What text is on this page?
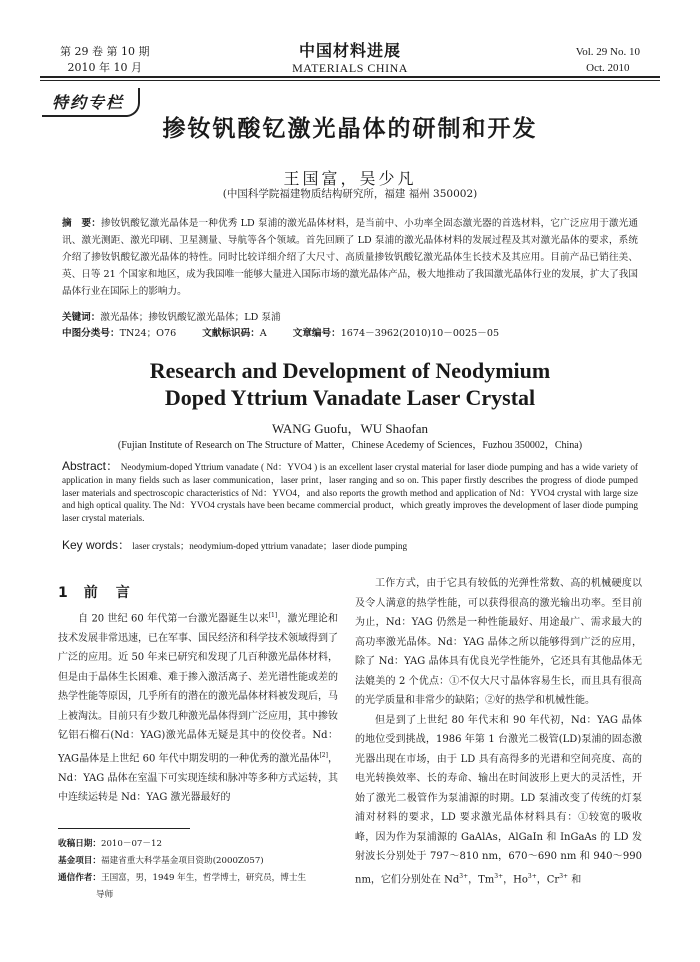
第 29 卷 第 10 期
2010 年 10 月
中国材料进展
MATERIALS CHINA
Vol. 29 No. 10
Oct. 2010
特约专栏
掺钕钒酸钇激光晶体的研制和开发
王国富，吴少凡
(中国科学院福建物质结构研究所，福建 福州 350002)
摘　要：掺钕钒酸钇激光晶体是一种优秀 LD 泵浦的激光晶体材料，是当前中、小功率全固态激光器的首选材料，它广泛应用于激光通讯、激光测距、激光印刷、卫星测量、导航等各个领域。首先回顾了 LD 泵浦的激光晶体材料的发展过程及其对激光晶体的要求，系统介绍了掺钕钒酸钇激光晶体的特性。同时比较详细介绍了大尺寸、高质量掺钕钒酸钇激光晶体生长技术及其应用。目前产品已销往美、英、日等 21 个国家和地区，成为我国唯一能够大量进入国际市场的激光晶体产品，极大地推动了我国激光晶体行业的发展，扩大了我国晶体行业在国际上的影响力。
关键词：激光晶体；掺钕钒酸钇激光晶体；LD 泵浦
中图分类号：TN24；O76	文献标识码：A	文章编号：1674－3962(2010)10－0025－05
Research and Development of Neodymium
Doped Yttrium Vanadate Laser Crystal
WANG Guofu，WU Shaofan
(Fujian Institute of Research on The Structure of Matter，Chinese Acedemy of Sciences，Fuzhou 350002，China)
Abstract： Neodymium-doped Yttrium vanadate ( Nd：YVO4 ) is an excellent laser crystal material for laser diode pumping and has a wide variety of application in many fields such as laser communication，laser print，laser ranging and so on. This paper firstly describes the progress of diode pumped laser materials and spectroscopic characteristics of Nd：YVO4，and also reports the growth method and application of Nd：YVO4 crystal with large size and high optical quality. The Nd：YVO4 crystals have been became commercial product，which greatly improves the development of laser diode pumping laser crystal materials.
Key words： laser crystals；neodymium-doped yttrium vanadate；laser diode pumping
1 前　言

自 20 世纪 60 年代第一台激光器诞生以来[1]，激光理论和技术发展非常迅速，已在军事、国民经济和科学技术领域得到了广泛的应用。近 50 年来已研究和发现了几百种激光晶体材料，但是由于晶体生长困难、难于掺入激活离子、差光谱性能或差的热学性能等原因，几乎所有的潜在的激光晶体材料被发现后，马上被淘汰。目前只有少数几种激光晶体得到广泛应用，其中掺钕钇铝石榴石(Nd：YAG)激光晶体无疑是其中的佼佼者。Nd：YAG晶体是上世纪 60 年代中期发明的一种优秀的激光晶体[2]，Nd：YAG 晶体在室温下可实现连续和脉冲等多种方式运转，其中连续运转是 Nd：YAG 激光器最好的

工作方式，由于它具有较低的光弹性常数、高的机械硬度以及令人满意的热学性能，可以获得很高的激光输出功率。至目前为止，Nd：YAG 仍然是一种性能最好、用途最广、需求最大的高功率激光晶体。Nd：YAG 晶体之所以能够得到广泛的应用，除了 Nd：YAG 晶体具有优良光学性能外，它还具有其他晶体无法媲美的 2 个优点：①不仅大尺寸晶体容易生长，而且具有很高的光学质量和非常少的缺陷；②好的热学和机械性能。

但是到了上世纪 80 年代末和 90 年代初，Nd：YAG 晶体的地位受到挑战，1986 年第 1 台激光二极管(LD)泵浦的固态激光器出现在市场，由于 LD 具有高得多的光谱和空间亮度、高的电光转换效率、长的寿命、输出在时间波形上更大的灵活性，开始了激光二极管作为泵浦源的时期。LD 泵浦改变了传统的灯泵浦对材料的要求，LD 要求激光晶体材料具有：①较宽的吸收峰，因为作为泵浦源的 GaAlAs，AlGaIn 和 InGaAs 的 LD 发射波长分别处于 797～810 nm，670～690 nm 和 940～990 nm，它们分别处在 $Nd^{3+}$，$Tm^{3+}$，$Ho^{3+}$，$Cr^{3+}$ 和

收稿日期：2010－07－12
基金项目：福建省重大科学基金项目资助(2000Z057)
通信作者：王国富，男，1949 年生，哲学博士，研究员，博士生
导师
